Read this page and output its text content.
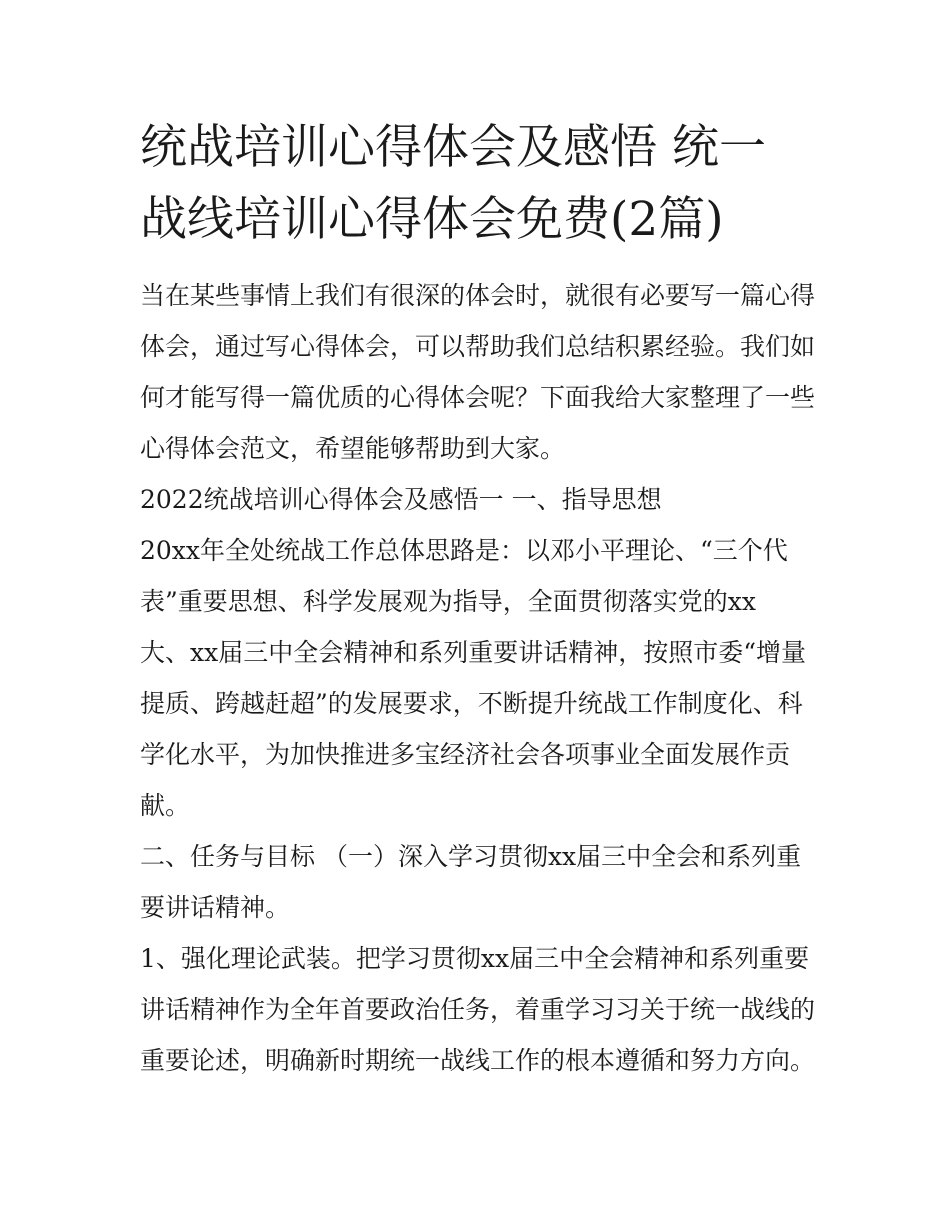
统战培训心得体会及感悟 统一
战线培训心得体会免费(2篇)

当在某些事情上我们有很深的体会时，就很有必要写一篇心得
体会，通过写心得体会，可以帮助我们总结积累经验。我们如
何才能写得一篇优质的心得体会呢？下面我给大家整理了一些
心得体会范文，希望能够帮助到大家。

2022统战培训心得体会及感悟一 一、指导思想

20xx年全处统战工作总体思路是：以邓小平理论、“三个代
表”重要思想、科学发展观为指导，全面贯彻落实党的xx
大、xx届三中全会精神和系列重要讲话精神，按照市委“增量
提质、跨越赶超”的发展要求，不断提升统战工作制度化、科
学化水平，为加快推进多宝经济社会各项事业全面发展作贡
献。

二、任务与目标 （一）深入学习贯彻xx届三中全会和系列重
要讲话精神。

1、强化理论武装。把学习贯彻xx届三中全会精神和系列重要
讲话精神作为全年首要政治任务，着重学习习关于统一战线的
重要论述，明确新时期统一战线工作的根本遵循和努力方向。
